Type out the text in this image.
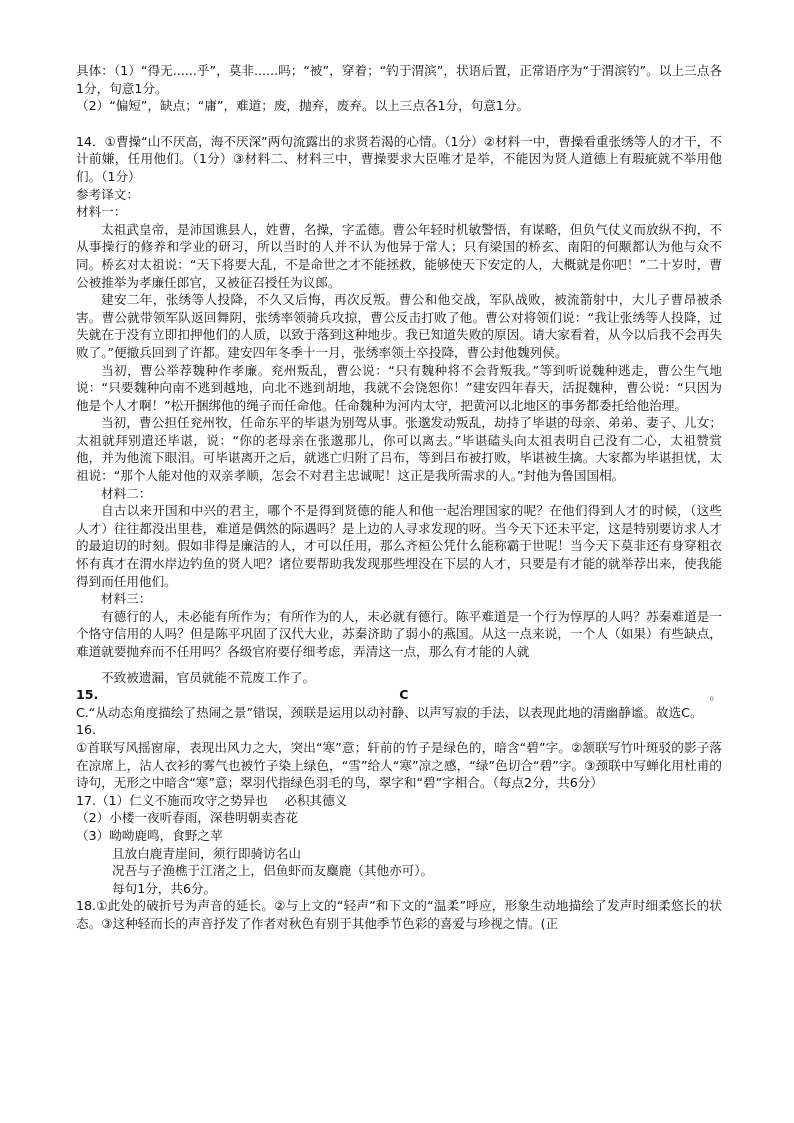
具体：（1）“得无......乎”，莫非......吗；“被”，穿着；“钓于渭滨”，状语后置，正常语序为“于渭滨钓”。以上三点各1分，句意1分。

（2）“偏短”，缺点；“庸”，难道；废，抛弃，废弃。以上三点各1分，句意1分。

14．①曹操“山不厌高，海不厌深”两句流露出的求贤若渴的心情。（1分）②材料一中，曹操看重张绣等人的才干，不计前嫌，任用他们。（1分）③材料二、材料三中，曹操要求大臣唯才是举，不能因为贤人道德上有瑕疵就不举用他们。（1分）

参考译文：

材料一：

太祖武皇帝，是沛国谯县人，姓曹，名操，字孟德。曹公年轻时机敏警悟，有谋略，但负气仗义而放纵不拘，不从事操行的修养和学业的研习，所以当时的人并不认为他异于常人；只有梁国的桥玄、南阳的何颙都认为他与众不同。桥玄对太祖说：“天下将要大乱，不是命世之才不能拯救，能够使天下安定的人，大概就是你吧！”二十岁时，曹公被推举为孝廉任郎官，又被征召授任为议郎。

建安二年，张绣等人投降，不久又后悔，再次反叛。曹公和他交战，军队战败，被流箭射中，大儿子曹昂被杀害。曹公就带领军队返回舞阴，张绣率领骑兵攻掠，曹公反击打败了他。曹公对将领们说：“我让张绣等人投降，过失就在于没有立即扣押他们的人质，以致于落到这种地步。我已知道失败的原因。请大家看着，从今以后我不会再失败了。”便撤兵回到了许都。建安四年冬季十一月，张绣率领士卒投降，曹公封他魏列侯。

当初，曹公举荐魏种作孝廉。兖州叛乱，曹公说：“只有魏种将不会背叛我。”等到听说魏种逃走，曹公生气地说：“只要魏种向南不逃到越地，向北不逃到胡地，我就不会饶恕你！”建安四年春天，活捉魏种，曹公说：“只因为他是个人才啊！”松开捆绑他的绳子而任命他。任命魏种为河内太守，把黄河以北地区的事务都委托给他治理。

当初，曹公担任兖州牧，任命东平的毕谌为别驾从事。张邈发动叛乱，劫持了毕谌的母亲、弟弟、妻子、儿女；太祖就拜别遣还毕谌，说：“你的老母亲在张邈那儿，你可以离去。”毕谌磕头向太祖表明自己没有二心，太祖赞赏他，并为他流下眼泪。可毕谌离开之后，就逃亡归附了吕布，等到吕布被打败，毕谌被生擒。大家都为毕谌担忧，太祖说：“那个人能对他的双亲孝顺，怎会不对君主忠诚呢！这正是我所需求的人。”封他为鲁国国相。

材料二：

自古以来开国和中兴的君主，哪个不是得到贤德的能人和他一起治理国家的呢？在他们得到人才的时候，（这些人才）往往都没出里巷，难道是偶然的际遇吗？是上边的人寻求发现的呀。当今天下还未平定，这是特别要访求人才的最迫切的时刻。假如非得是廉洁的人，才可以任用，那么齐桓公凭什么能称霸于世呢！当今天下莫非还有身穿粗衣怀有真才在渭水岸边钓鱼的贤人吧？诸位要帮助我发现那些埋没在下层的人才，只要是有才能的就举荐出来，使我能得到而任用他们。

材料三：

有德行的人，未必能有所作为；有所作为的人，未必就有德行。陈平难道是一个行为惇厚的人吗？苏秦难道是一个恪守信用的人吗？但是陈平巩固了汉代大业，苏秦济助了弱小的燕国。从这一点来说，一个人（如果）有些缺点，难道就要抛弃而不任用吗？各级官府要仔细考虑，弄清这一点，那么有才能的人就

不致被遗漏，官员就能不荒废工作了。

15.	C	。

C.“从动态角度描绘了热闹之景”错误，颈联是运用以动衬静、以声写寂的手法，以表现此地的清幽静谧。故选C。

16.

①首联写风摇窗扉，表现出风力之大，突出“寒”意；轩前的竹子是绿色的，暗含“碧”字。②颔联写竹叶斑驳的影子落在凉席上，沾人衣衫的雾气也被竹子染上绿色，“雪”给人“寒”凉之感，“绿”色切合“碧”字。③颈联中写蝉化用杜甫的诗句，无形之中暗含“寒”意；翠羽代指绿色羽毛的鸟，翠字和“碧”字相合。（每点2分，共6分）

17.（1）仁义不施而攻守之势异也　 必积其德义

（2）小楼一夜听春雨，深巷明朝卖杏花

（3）呦呦鹿鸣，食野之苹

且放白鹿青崖间，须行即骑访名山

况吾与子渔樵于江渚之上，侣鱼虾而友麋鹿（其他亦可）。

每句1分，共6分。

18.①此处的破折号为声音的延长。②与上文的“轻声”和下文的“温柔”呼应，形象生动地描绘了发声时细柔悠长的状态。③这种轻而长的声音抒发了作者对秋色有别于其他季节色彩的喜爱与珍视之情。(正
